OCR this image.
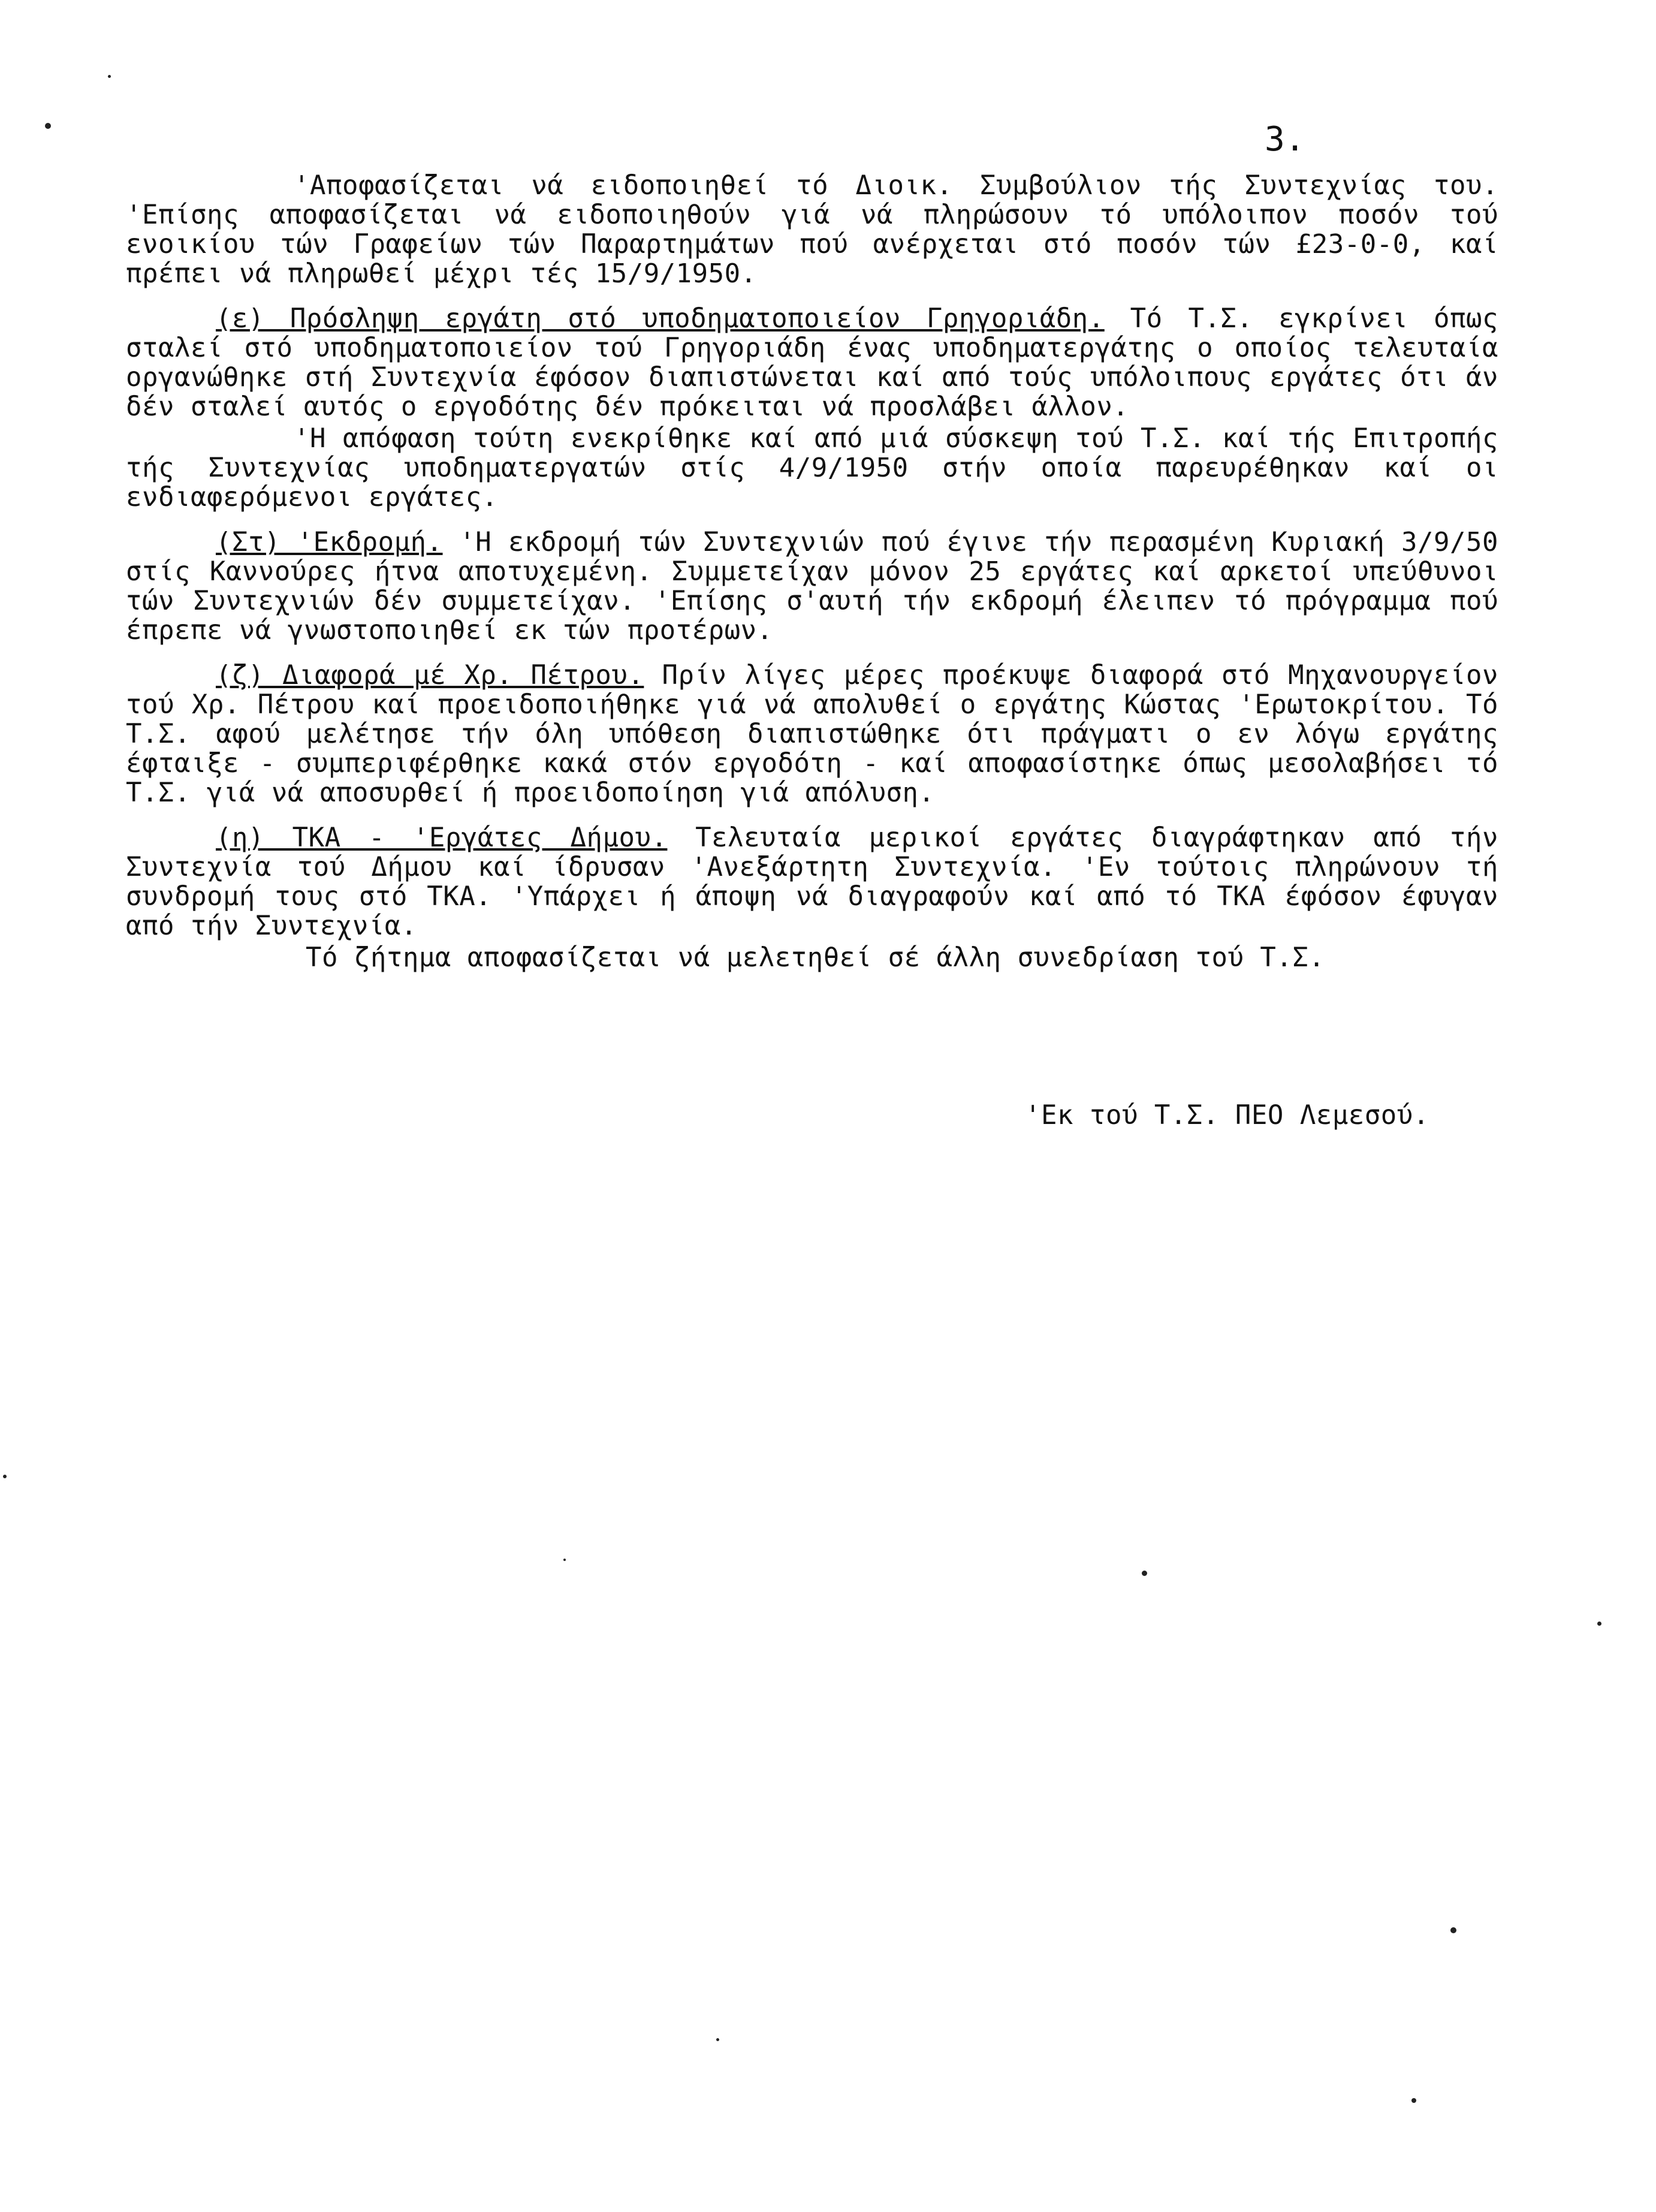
3.

'Αποφασίζεται νά ειδοποιηθεί τό Διοικ. Συμβούλιον τής Συντεχνίας του. 'Επίσης αποφασίζεται νά ειδοποιηθούν γιά νά πληρώσουν τό υπόλοιπον ποσόν τού ενοικίου τών Γραφείων τών Παραρτημάτων πού ανέρχεται στό ποσόν τών £23-0-0, καί πρέπει νά πληρωθεί μέχρι τές 15/9/1950.

(ε) Πρόσληψη εργάτη στό υποδηματοποιείον Γρηγοριάδη. Τό Τ.Σ. εγκρίνει όπως σταλεί στό υποδηματοποιείον τού Γρηγοριάδη ένας υποδηματεργάτης ο οποίος τελευταία οργανώθηκε στή Συντεχνία έφόσον διαπιστώνεται καί από τούς υπόλοιπους εργάτες ότι άν δέν σταλεί αυτός ο εργοδότης δέν πρόκειται νά προσλάβει άλλον.

'Η απόφαση τούτη ενεκρίθηκε καί από μιά σύσκεψη τού Τ.Σ. καί τής Επιτροπής τής Συντεχνίας υποδηματεργατών στίς 4/9/1950 στήν οποία παρευρέθηκαν καί οι ενδιαφερόμενοι εργάτες.

(Στ) 'Εκδρομή. 'Η εκδρομή τών Συντεχνιών πού έγινε τήν περασμένη Κυριακή 3/9/50 στίς Καννούρες ήτνα αποτυχεμένη. Συμμετείχαν μόνον 25 εργάτες καί αρκετοί υπεύθυνοι τών Συντεχνιών δέν συμμετείχαν. 'Επίσης σ'αυτή τήν εκδρομή έλειπεν τό πρόγραμμα πού έπρεπε νά γνωστοποιηθεί εκ τών προτέρων.

(ζ) Διαφορά μέ Χρ. Πέτρου. Πρίν λίγες μέρες προέκυψε διαφορά στό Μηχανουργείον τού Χρ. Πέτρου καί προειδοποιήθηκε γιά νά απολυθεί ο εργάτης Κώστας 'Ερωτοκρίτου. Τό Τ.Σ. αφού μελέτησε τήν όλη υπόθεση διαπιστώθηκε ότι πράγματι ο εν λόγω εργάτης έφταιξε - συμπεριφέρθηκε κακά στόν εργοδότη - καί αποφασίστηκε όπως μεσολαβήσει τό Τ.Σ. γιά νά αποσυρθεί ή προειδοποίηση γιά απόλυση.

(η) ΤΚΑ - 'Εργάτες Δήμου. Τελευταία μερικοί εργάτες διαγράφτηκαν από τήν Συντεχνία τού Δήμου καί ίδρυσαν 'Ανεξάρτητη Συντεχνία. 'Εν τούτοις πληρώνουν τή συνδρομή τους στό ΤΚΑ. 'Υπάρχει ή άποψη νά διαγραφούν καί από τό ΤΚΑ έφόσον έφυγαν από τήν Συντεχνία.

Τό ζήτημα αποφασίζεται νά μελετηθεί σέ άλλη συνεδρίαση τού Τ.Σ.

'Εκ τού Τ.Σ. ΠΕΟ Λεμεσού.
